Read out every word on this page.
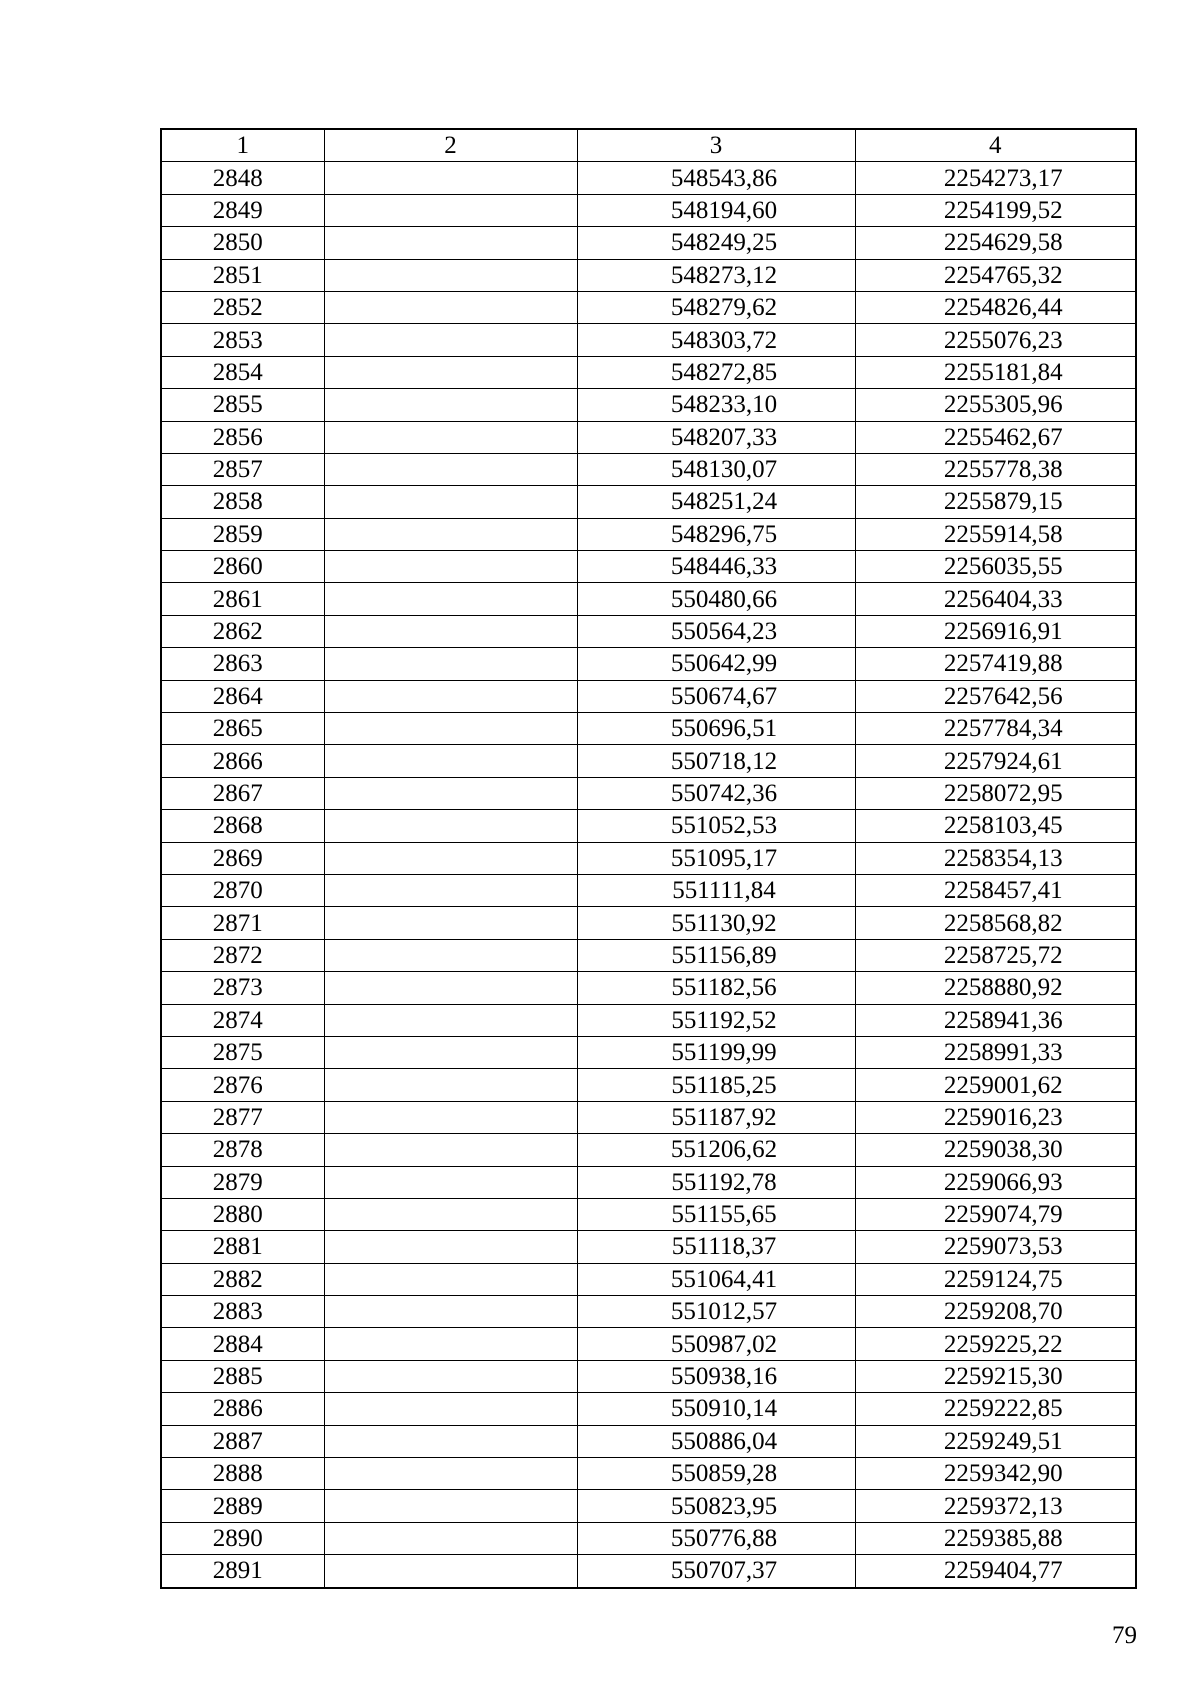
1	2	3	4
2848		548543,86	2254273,17
2849		548194,60	2254199,52
2850		548249,25	2254629,58
2851		548273,12	2254765,32
2852		548279,62	2254826,44
2853		548303,72	2255076,23
2854		548272,85	2255181,84
2855		548233,10	2255305,96
2856		548207,33	2255462,67
2857		548130,07	2255778,38
2858		548251,24	2255879,15
2859		548296,75	2255914,58
2860		548446,33	2256035,55
2861		550480,66	2256404,33
2862		550564,23	2256916,91
2863		550642,99	2257419,88
2864		550674,67	2257642,56
2865		550696,51	2257784,34
2866		550718,12	2257924,61
2867		550742,36	2258072,95
2868		551052,53	2258103,45
2869		551095,17	2258354,13
2870		551111,84	2258457,41
2871		551130,92	2258568,82
2872		551156,89	2258725,72
2873		551182,56	2258880,92
2874		551192,52	2258941,36
2875		551199,99	2258991,33
2876		551185,25	2259001,62
2877		551187,92	2259016,23
2878		551206,62	2259038,30
2879		551192,78	2259066,93
2880		551155,65	2259074,79
2881		551118,37	2259073,53
2882		551064,41	2259124,75
2883		551012,57	2259208,70
2884		550987,02	2259225,22
2885		550938,16	2259215,30
2886		550910,14	2259222,85
2887		550886,04	2259249,51
2888		550859,28	2259342,90
2889		550823,95	2259372,13
2890		550776,88	2259385,88
2891		550707,37	2259404,77
79
